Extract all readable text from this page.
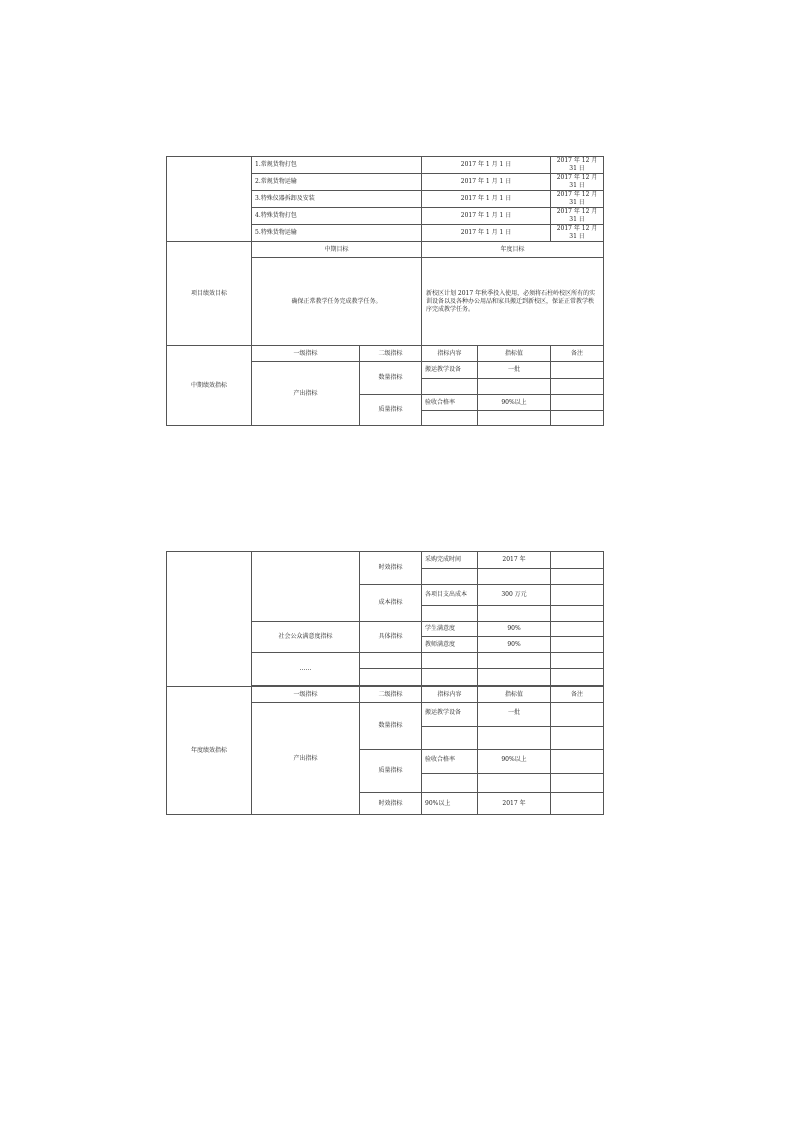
	1.常规货物打包		2017 年 1 月 1 日		2017 年 12 月 31 日
	2.常规货物运输		2017 年 1 月 1 日		2017 年 12 月 31 日
	3.特殊仪器拆卸及安装		2017 年 1 月 1 日		2017 年 12 月 31 日
	4.特殊货物打包		2017 年 1 月 1 日		2017 年 12 月 31 日
	5.特殊货物运输		2017 年 1 月 1 日		2017 年 12 月 31 日
项目绩效目标	中期目标		年度目标		
	确保正常教学任务完成教学任务。		新校区计划 2017 年秋季投入使用，必须将石柱岭校区所有的实训设备以及各种办公用品和家具搬迁到新校区，保证正常教学秩序完成教学任务。		
中期绩效指标	一级指标	二级指标	指标内容	指标值	备注
	产出指标	数量指标	搬运教学设备	一批	

		质量指标	验收合格率	90%以上	

		时效指标	采购完成时间	2017 年	

		成本指标	各项目支出成本	300 万元	

	社会公众满意度指标	具体指标	学生满意度	90%	
			教师满意度	90%	
	……				

年度绩效指标	一级指标	二级指标	指标内容	指标值	备注
	产出指标	数量指标	搬运教学设备	一批	

		质量指标	验收合格率	90%以上	

		时效指标	90%以上	2017 年	
